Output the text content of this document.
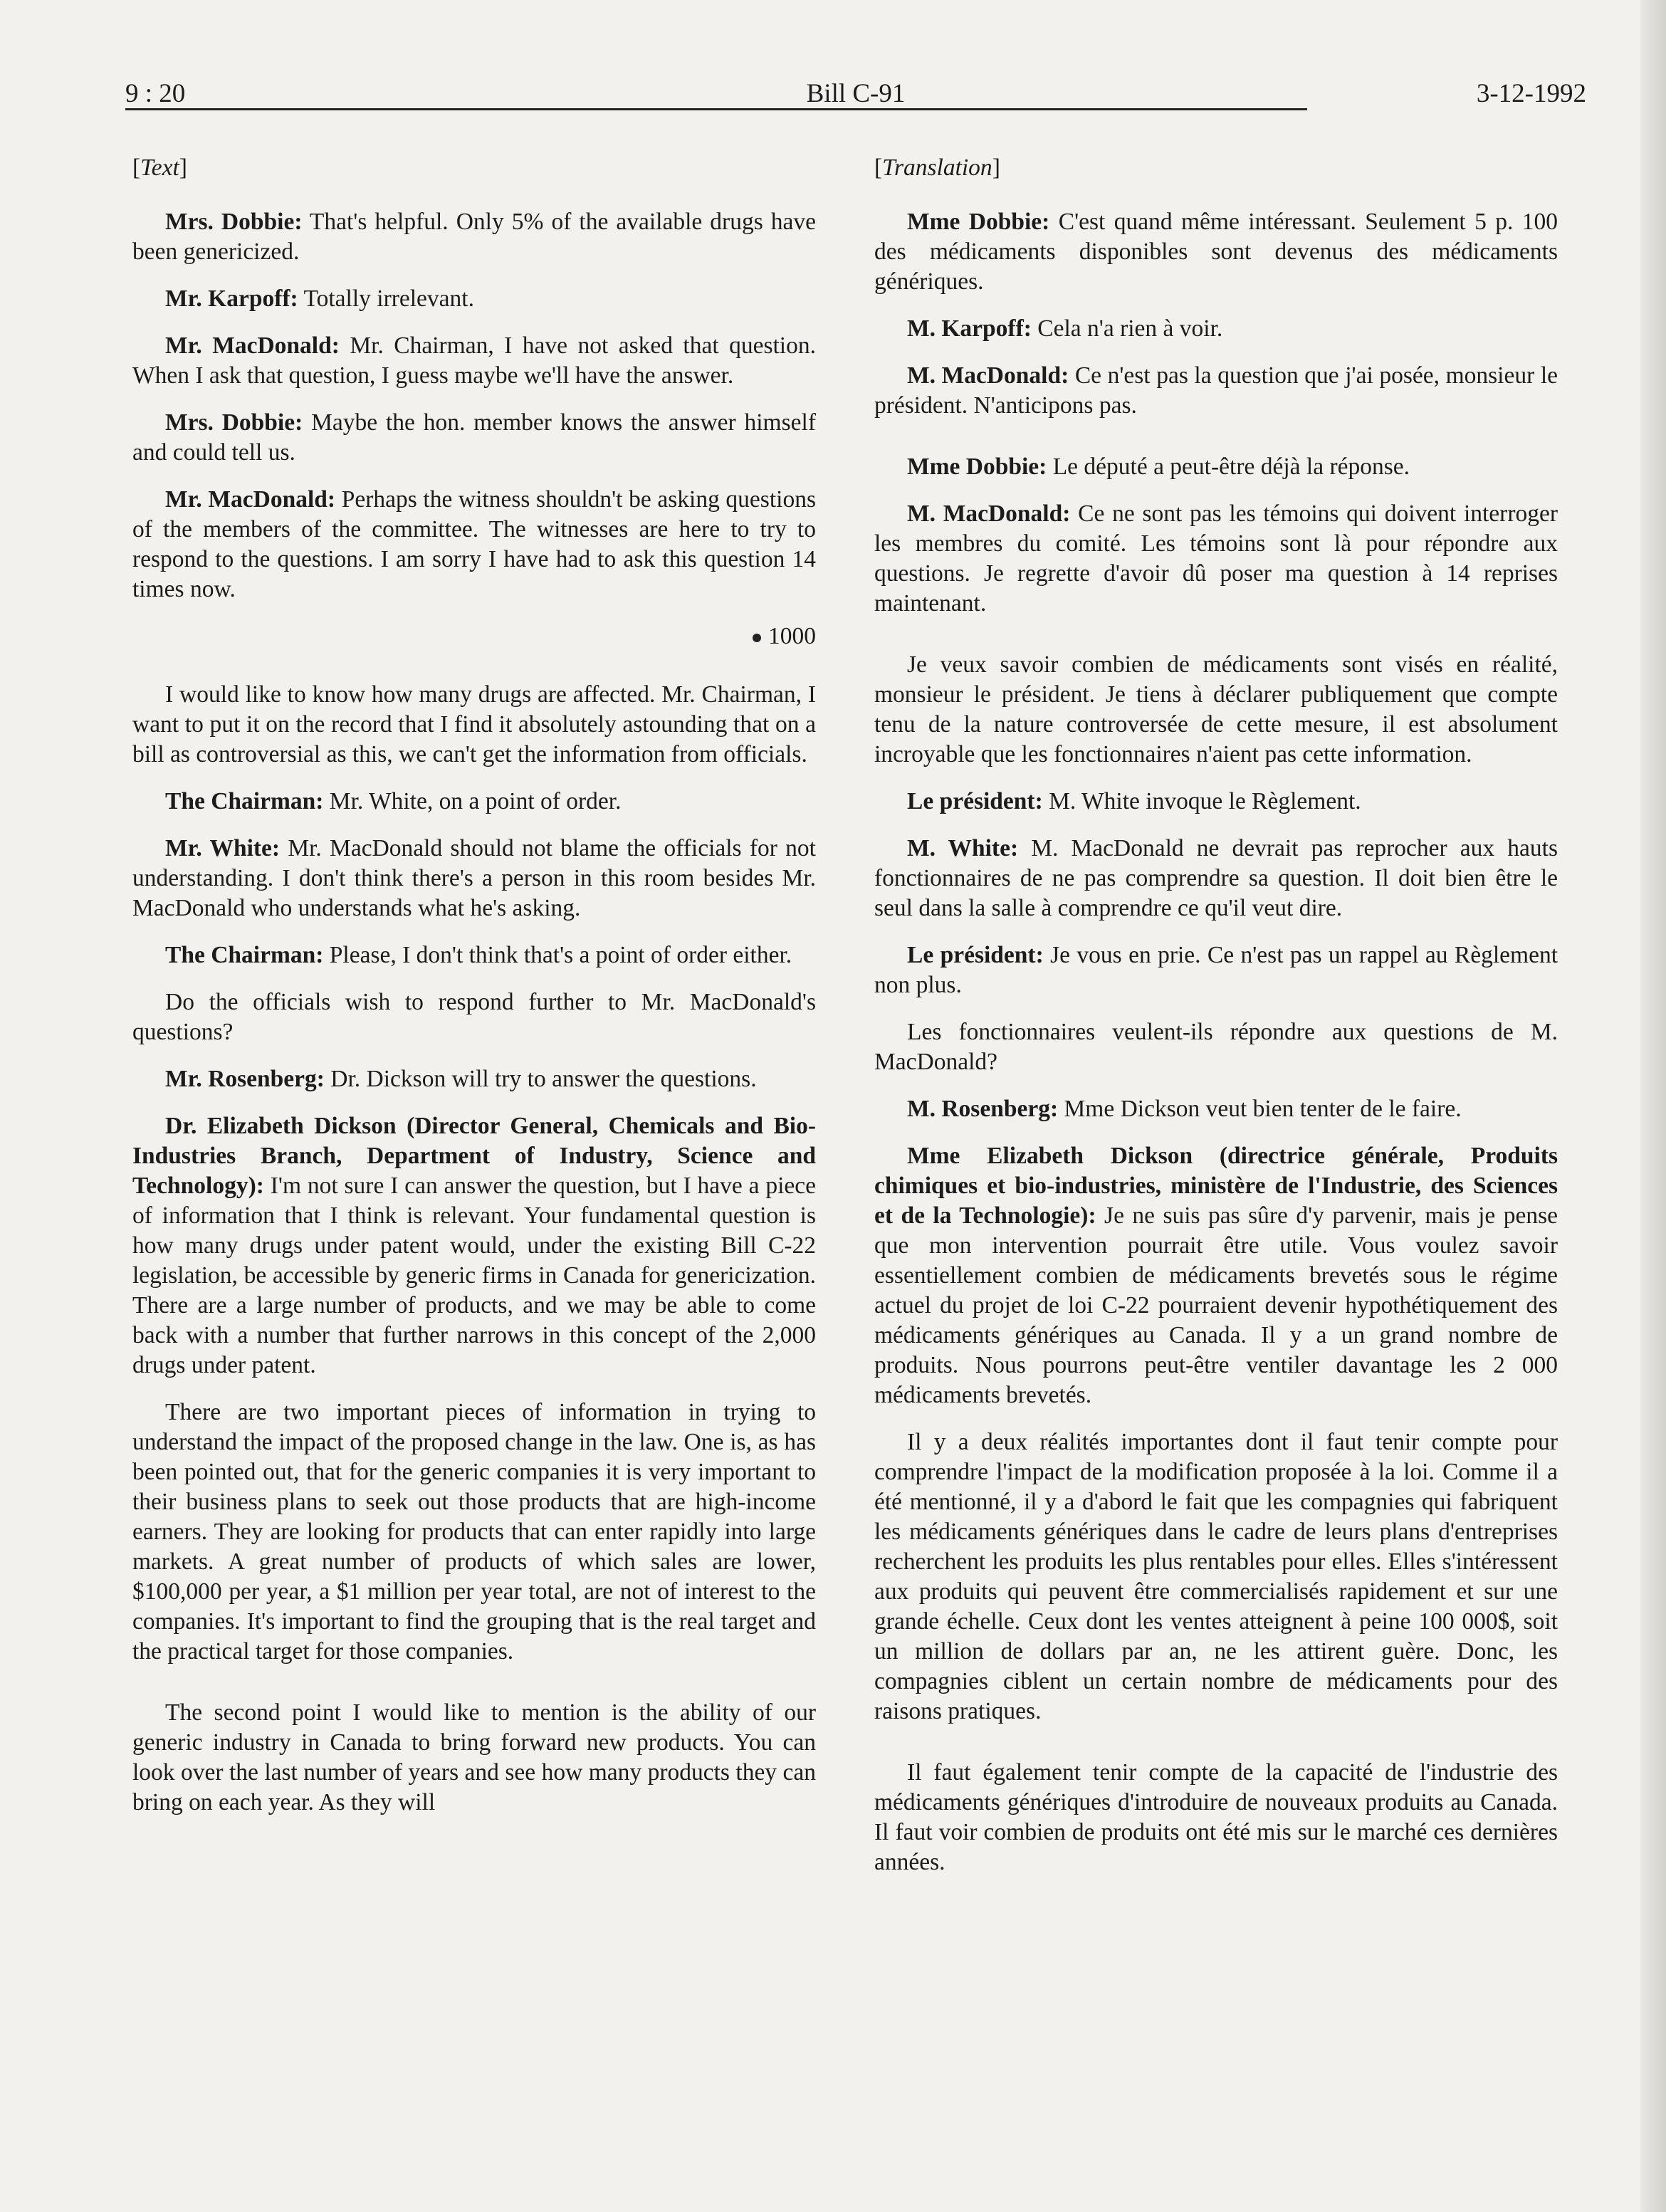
9 : 20	Bill C-91	3-12-1992

[Text]

Mrs. Dobbie: That's helpful. Only 5% of the available drugs have been genericized.

Mr. Karpoff: Totally irrelevant.

Mr. MacDonald: Mr. Chairman, I have not asked that question. When I ask that question, I guess maybe we'll have the answer.

Mrs. Dobbie: Maybe the hon. member knows the answer himself and could tell us.

Mr. MacDonald: Perhaps the witness shouldn't be asking questions of the members of the committee. The witnesses are here to try to respond to the questions. I am sorry I have had to ask this question 14 times now.

1000

I would like to know how many drugs are affected. Mr. Chairman, I want to put it on the record that I find it absolutely astounding that on a bill as controversial as this, we can't get the information from officials.

The Chairman: Mr. White, on a point of order.

Mr. White: Mr. MacDonald should not blame the officials for not understanding. I don't think there's a person in this room besides Mr. MacDonald who understands what he's asking.

The Chairman: Please, I don't think that's a point of order either.

Do the officials wish to respond further to Mr. MacDonald's questions?

Mr. Rosenberg: Dr. Dickson will try to answer the questions.

Dr. Elizabeth Dickson (Director General, Chemicals and Bio-Industries Branch, Department of Industry, Science and Technology): I'm not sure I can answer the question, but I have a piece of information that I think is relevant. Your fundamental question is how many drugs under patent would, under the existing Bill C-22 legislation, be accessible by generic firms in Canada for genericization. There are a large number of products, and we may be able to come back with a number that further narrows in this concept of the 2,000 drugs under patent.

There are two important pieces of information in trying to understand the impact of the proposed change in the law. One is, as has been pointed out, that for the generic companies it is very important to their business plans to seek out those products that are high-income earners. They are looking for products that can enter rapidly into large markets. A great number of products of which sales are lower, $100,000 per year, a $1 million per year total, are not of interest to the companies. It's important to find the grouping that is the real target and the practical target for those companies.

The second point I would like to mention is the ability of our generic industry in Canada to bring forward new products. You can look over the last number of years and see how many products they can bring on each year. As they will

[Translation]

Mme Dobbie: C'est quand même intéressant. Seulement 5 p. 100 des médicaments disponibles sont devenus des médicaments génériques.

M. Karpoff: Cela n'a rien à voir.

M. MacDonald: Ce n'est pas la question que j'ai posée, monsieur le président. N'anticipons pas.

Mme Dobbie: Le député a peut-être déjà la réponse.

M. MacDonald: Ce ne sont pas les témoins qui doivent interroger les membres du comité. Les témoins sont là pour répondre aux questions. Je regrette d'avoir dû poser ma question à 14 reprises maintenant.

Je veux savoir combien de médicaments sont visés en réalité, monsieur le président. Je tiens à déclarer publiquement que compte tenu de la nature controversée de cette mesure, il est absolument incroyable que les fonctionnaires n'aient pas cette information.

Le président: M. White invoque le Règlement.

M. White: M. MacDonald ne devrait pas reprocher aux hauts fonctionnaires de ne pas comprendre sa question. Il doit bien être le seul dans la salle à comprendre ce qu'il veut dire.

Le président: Je vous en prie. Ce n'est pas un rappel au Règlement non plus.

Les fonctionnaires veulent-ils répondre aux questions de M. MacDonald?

M. Rosenberg: Mme Dickson veut bien tenter de le faire.

Mme Elizabeth Dickson (directrice générale, Produits chimiques et bio-industries, ministère de l'Industrie, des Sciences et de la Technologie): Je ne suis pas sûre d'y parvenir, mais je pense que mon intervention pourrait être utile. Vous voulez savoir essentiellement combien de médicaments brevetés sous le régime actuel du projet de loi C-22 pourraient devenir hypothétiquement des médicaments génériques au Canada. Il y a un grand nombre de produits. Nous pourrons peut-être ventiler davantage les 2 000 médicaments brevetés.

Il y a deux réalités importantes dont il faut tenir compte pour comprendre l'impact de la modification proposée à la loi. Comme il a été mentionné, il y a d'abord le fait que les compagnies qui fabriquent les médicaments génériques dans le cadre de leurs plans d'entreprises recherchent les produits les plus rentables pour elles. Elles s'intéressent aux produits qui peuvent être commercialisés rapidement et sur une grande échelle. Ceux dont les ventes atteignent à peine 100 000$, soit un million de dollars par an, ne les attirent guère. Donc, les compagnies ciblent un certain nombre de médicaments pour des raisons pratiques.

Il faut également tenir compte de la capacité de l'industrie des médicaments génériques d'introduire de nouveaux produits au Canada. Il faut voir combien de produits ont été mis sur le marché ces dernières années.
